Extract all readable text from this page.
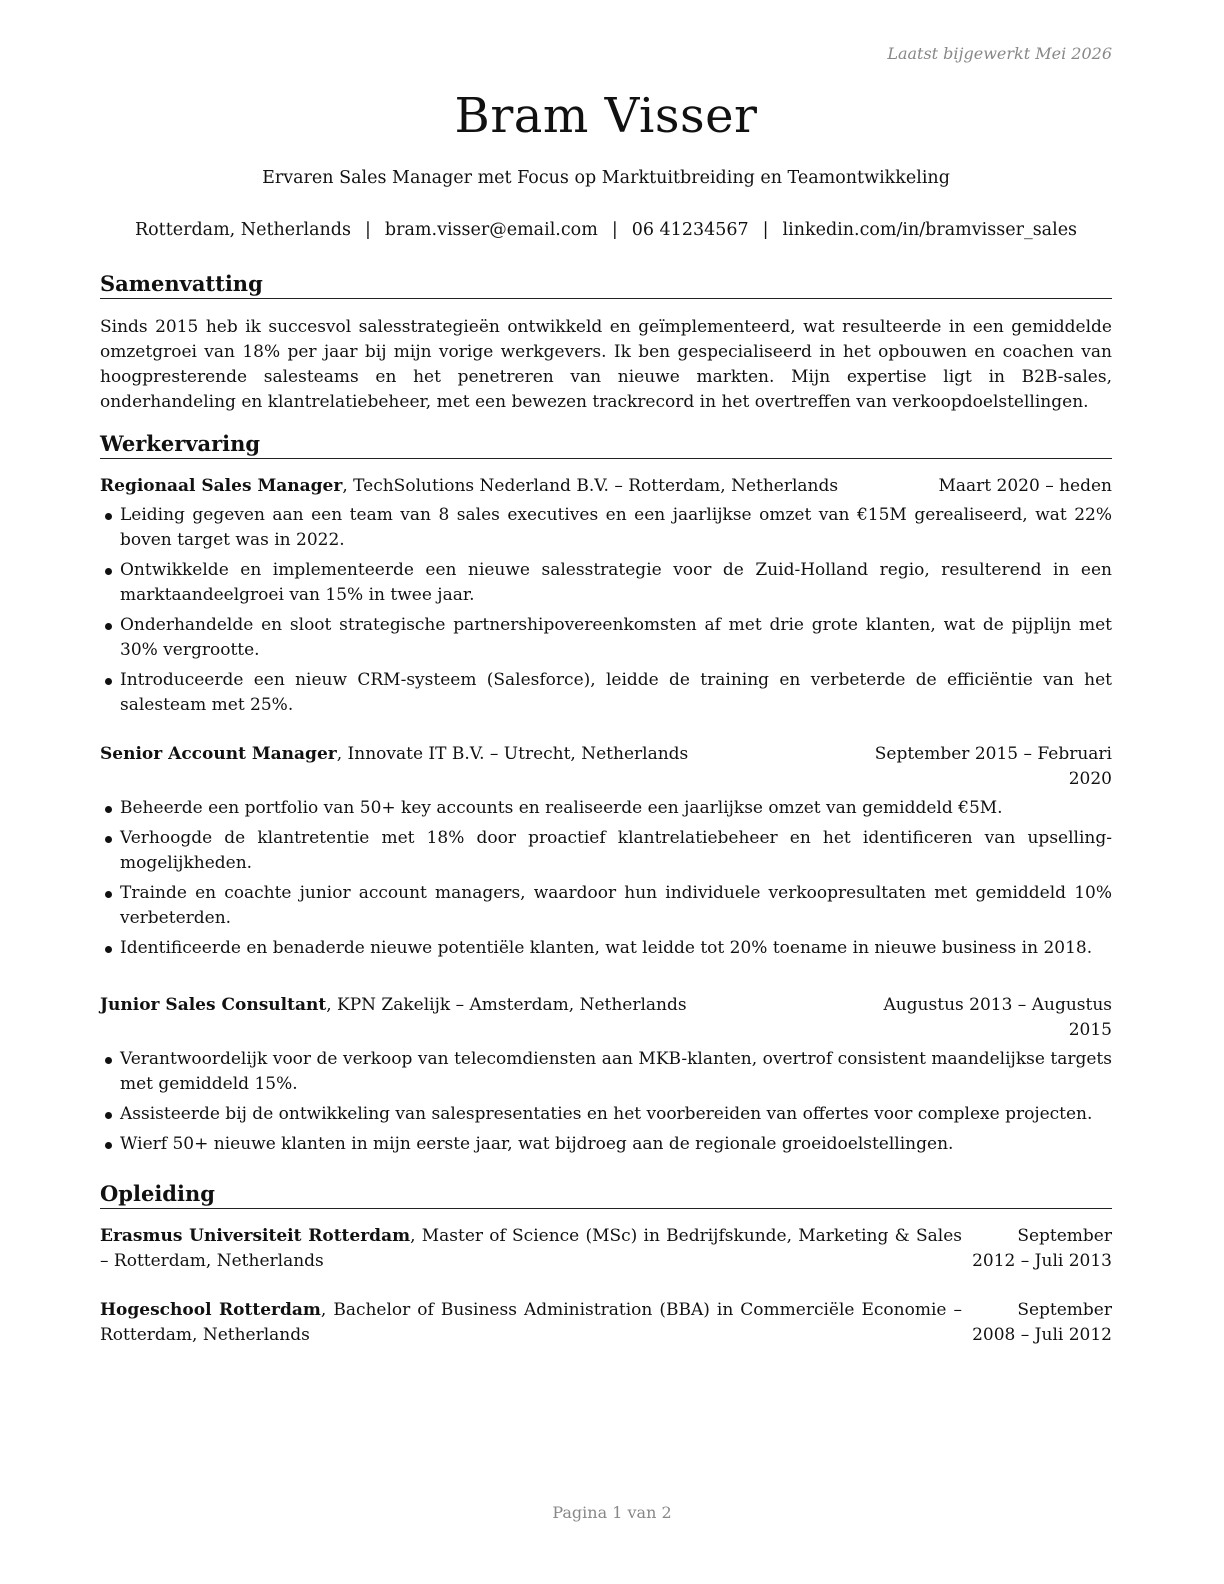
Laatst bijgewerkt Mei 2026
Bram Visser
Ervaren Sales Manager met Focus op Marktuitbreiding en Teamontwikkeling
Rotterdam, Netherlands | bram.visser@email.com | 06 41234567 | linkedin.com/in/bramvisser_sales
Samenvatting
Sinds 2015 heb ik succesvol salesstrategieën ontwikkeld en geïmplementeerd, wat resulteerde in een gemiddelde omzetgroei van 18% per jaar bij mijn vorige werkgevers. Ik ben gespecialiseerd in het opbouwen en coachen van hoogpresterende salesteams en het penetreren van nieuwe markten. Mijn expertise ligt in B2B-sales, onderhandeling en klantrelatiebeheer, met een bewezen trackrecord in het overtreffen van verkoopdoelstellingen.
Werkervaring
Regionaal Sales Manager, TechSolutions Nederland B.V. – Rotterdam, Netherlands	Maart 2020 – heden
Leiding gegeven aan een team van 8 sales executives en een jaarlijkse omzet van €15M gerealiseerd, wat 22% boven target was in 2022.
Ontwikkelde en implementeerde een nieuwe salesstrategie voor de Zuid-Holland regio, resulterend in een marktaandeelgroei van 15% in twee jaar.
Onderhandelde en sloot strategische partnershipovereenkomsten af met drie grote klanten, wat de pijplijn met 30% vergrootte.
Introduceerde een nieuw CRM-systeem (Salesforce), leidde de training en verbeterde de efficiëntie van het salesteam met 25%.
Senior Account Manager, Innovate IT B.V. – Utrecht, Netherlands	September 2015 – Februari 2020
Beheerde een portfolio van 50+ key accounts en realiseerde een jaarlijkse omzet van gemiddeld €5M.
Verhoogde de klantretentie met 18% door proactief klantrelatiebeheer en het identificeren van upselling-mogelijkheden.
Trainde en coachte junior account managers, waardoor hun individuele verkoopresultaten met gemiddeld 10% verbeterden.
Identificeerde en benaderde nieuwe potentiële klanten, wat leidde tot 20% toename in nieuwe business in 2018.
Junior Sales Consultant, KPN Zakelijk – Amsterdam, Netherlands	Augustus 2013 – Augustus 2015
Verantwoordelijk voor de verkoop van telecomdiensten aan MKB-klanten, overtrof consistent maandelijkse targets met gemiddeld 15%.
Assisteerde bij de ontwikkeling van salespresentaties en het voorbereiden van offertes voor complexe projecten.
Wierf 50+ nieuwe klanten in mijn eerste jaar, wat bijdroeg aan de regionale groeidoelstellingen.
Opleiding
Erasmus Universiteit Rotterdam, Master of Science (MSc) in Bedrijfskunde, Marketing & Sales – Rotterdam, Netherlands
September 2012 – Juli 2013
Hogeschool Rotterdam, Bachelor of Business Administration (BBA) in Commerciële Economie – Rotterdam, Netherlands
September 2008 – Juli 2012
Pagina 1 van 2
